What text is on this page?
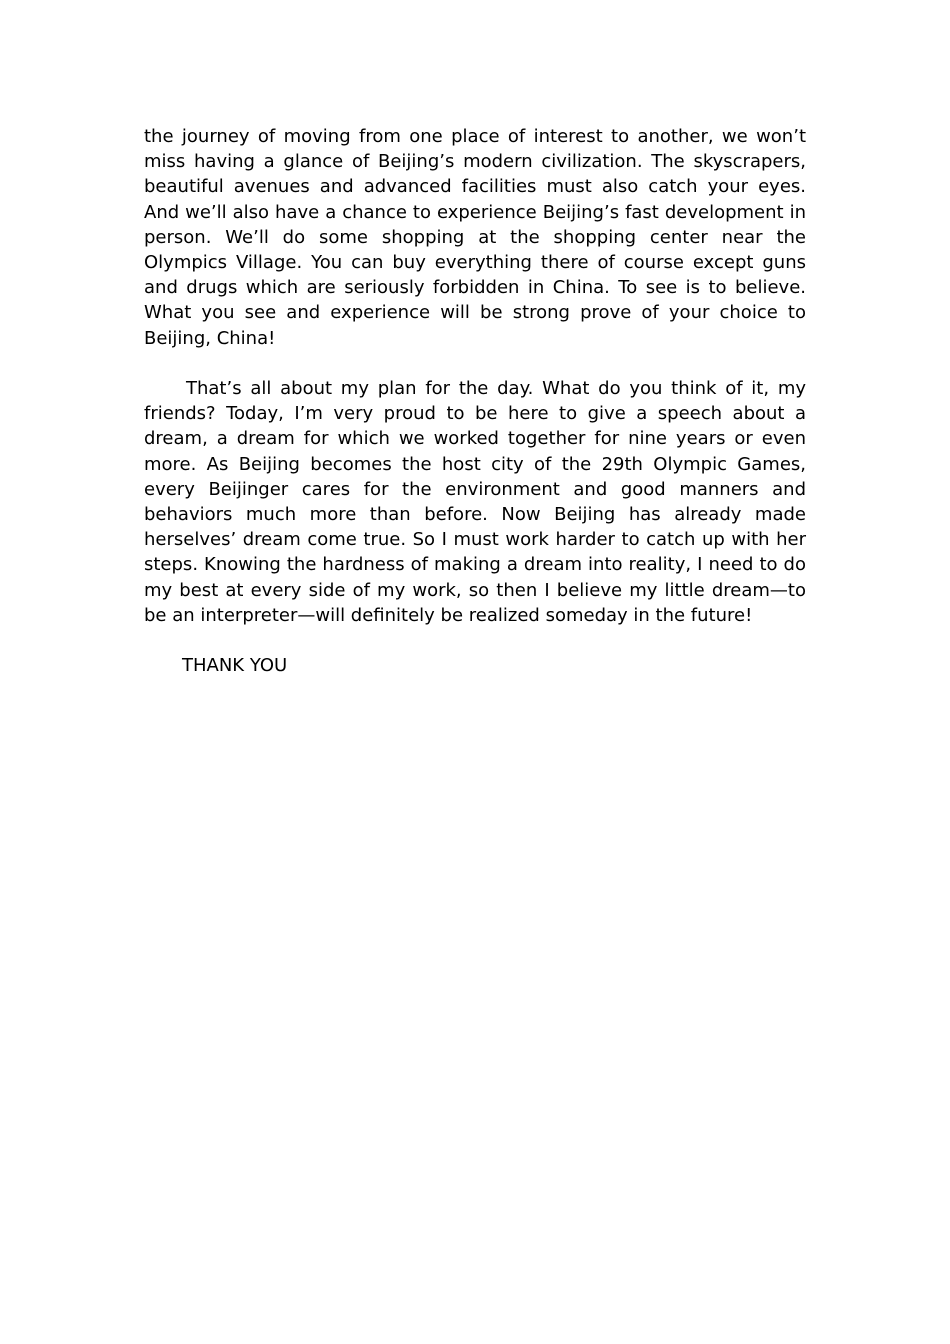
the journey of moving from one place of interest to another, we won’t miss having a glance of Beijing’s modern civilization. The skyscrapers, beautiful avenues and advanced facilities must also catch your eyes. And we’ll also have a chance to experience Beijing’s fast development in person. We’ll do some shopping at the shopping center near the Olympics Village. You can buy everything there of course except guns and drugs which are seriously forbidden in China. To see is to believe. What you see and experience will be strong prove of your choice to Beijing, China!

That’s all about my plan for the day. What do you think of it, my friends? Today, I’m very proud to be here to give a speech about a dream, a dream for which we worked together for nine years or even more. As Beijing becomes the host city of the 29th Olympic Games, every Beijinger cares for the environment and good manners and behaviors much more than before. Now Beijing has already made herselves’ dream come true. So I must work harder to catch up with her steps. Knowing the hardness of making a dream into reality, I need to do my best at every side of my work, so then I believe my little dream—to be an interpreter—will definitely be realized someday in the future!

THANK YOU
